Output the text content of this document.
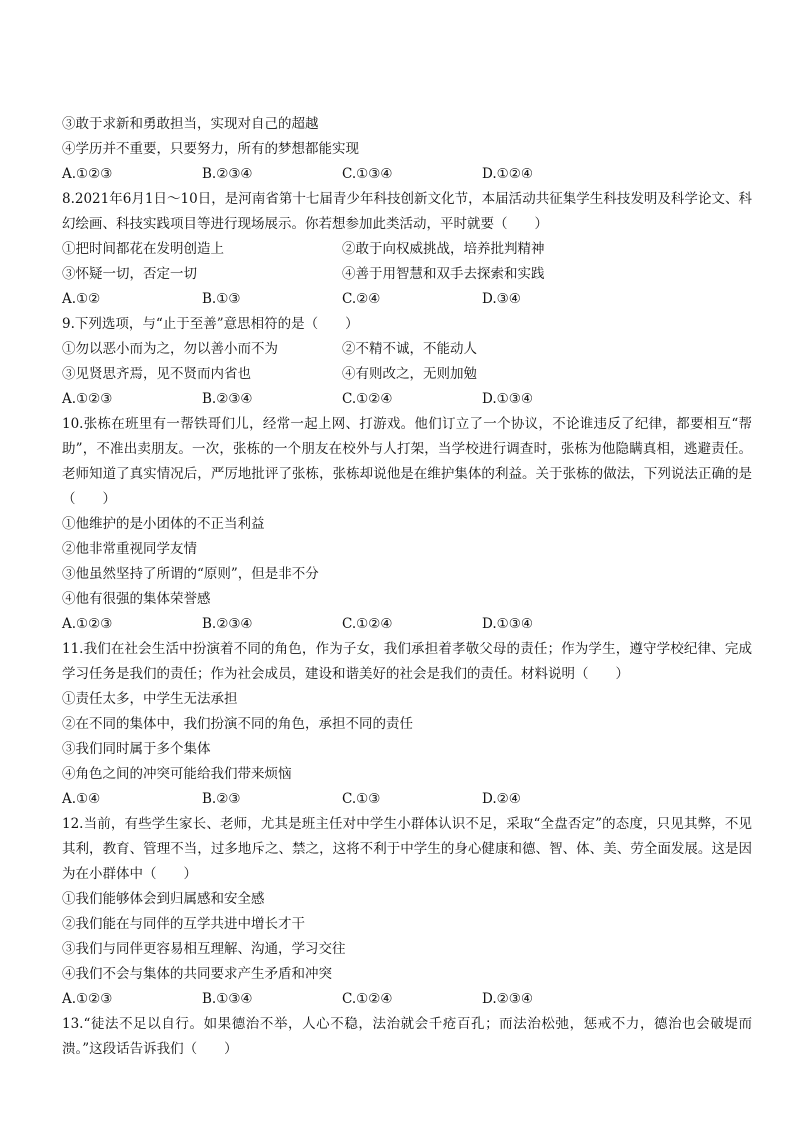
③敢于求新和勇敢担当，实现对自己的超越
④学历并不重要，只要努力，所有的梦想都能实现
A.①②③	B.②③④	C.①③④	D.①②④
8.2021年6月1日～10日，是河南省第十七届青少年科技创新文化节，本届活动共征集学生科技发明及科学论文、科幻绘画、科技实践项目等进行现场展示。你若想参加此类活动，平时就要（　　）
①把时间都花在发明创造上	②敢于向权威挑战，培养批判精神
③怀疑一切，否定一切	④善于用智慧和双手去探索和实践
A.①②	B.①③	C.②④	D.③④
9.下列选项，与“止于至善”意思相符的是（　　）
①勿以恶小而为之，勿以善小而不为	②不精不诚，不能动人
③见贤思齐焉，见不贤而内省也	④有则改之，无则加勉
A.①②③	B.②③④	C.①②④	D.①③④
10.张栋在班里有一帮铁哥们儿，经常一起上网、打游戏。他们订立了一个协议，不论谁违反了纪律，都要相互“帮助”，不准出卖朋友。一次，张栋的一个朋友在校外与人打架，当学校进行调查时，张栋为他隐瞒真相，逃避责任。老师知道了真实情况后，严厉地批评了张栋，张栋却说他是在维护集体的利益。关于张栋的做法，下列说法正确的是（　　）
①他维护的是小团体的不正当利益
②他非常重视同学友情
③他虽然坚持了所谓的“原则”，但是非不分
④他有很强的集体荣誉感
A.①②③	B.②③④	C.①②④	D.①③④
11.我们在社会生活中扮演着不同的角色，作为子女，我们承担着孝敬父母的责任；作为学生，遵守学校纪律、完成学习任务是我们的责任；作为社会成员，建设和谐美好的社会是我们的责任。材料说明（　　）
①责任太多，中学生无法承担
②在不同的集体中，我们扮演不同的角色，承担不同的责任
③我们同时属于多个集体
④角色之间的冲突可能给我们带来烦恼
A.①④	B.②③	C.①③	D.②④
12.当前，有些学生家长、老师，尤其是班主任对中学生小群体认识不足，采取“全盘否定”的态度，只见其弊，不见其利，教育、管理不当，过多地斥之、禁之，这将不利于中学生的身心健康和德、智、体、美、劳全面发展。这是因为在小群体中（　　）
①我们能够体会到归属感和安全感
②我们能在与同伴的互学共进中增长才干
③我们与同伴更容易相互理解、沟通，学习交往
④我们不会与集体的共同要求产生矛盾和冲突
A.①②③	B.①③④	C.①②④	D.②③④
13.“徒法不足以自行。如果德治不举，人心不稳，法治就会千疮百孔；而法治松弛，惩戒不力，德治也会破堤而溃。”这段话告诉我们（　　）
